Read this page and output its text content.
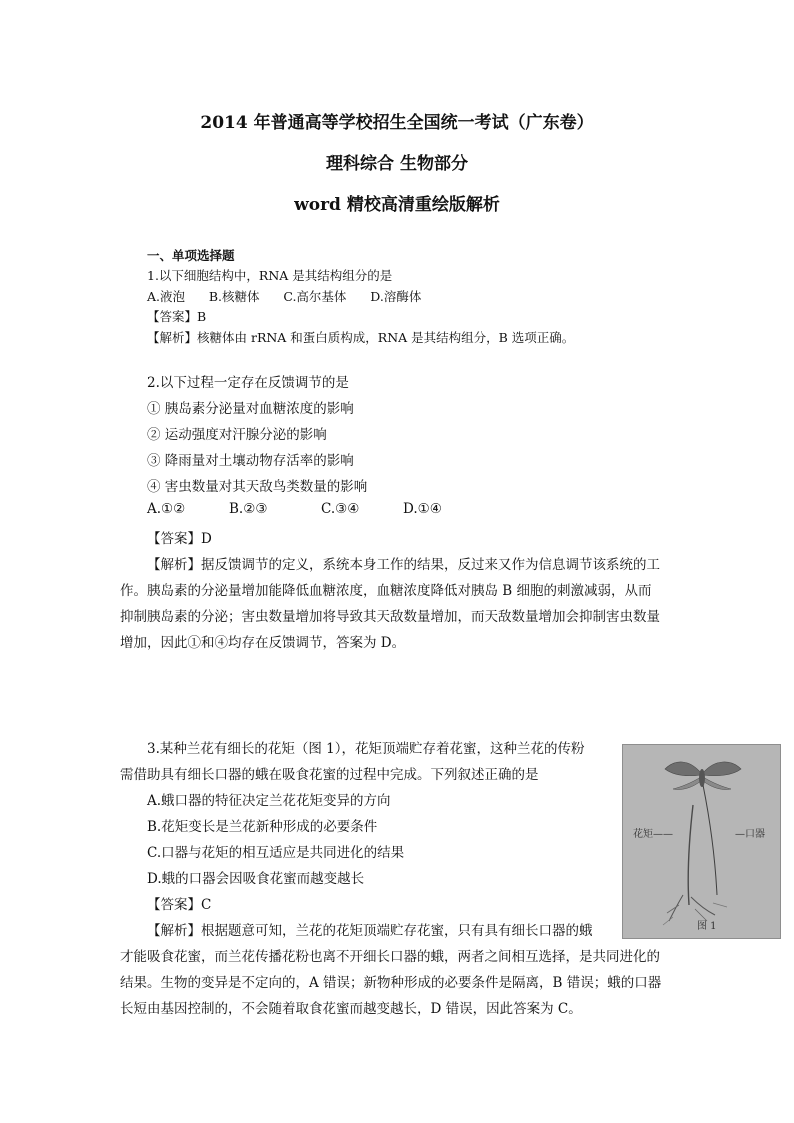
2014 年普通高等学校招生全国统一考试（广东卷）
理科综合 生物部分
word 精校高清重绘版解析
一、单项选择题
1.以下细胞结构中，RNA 是其结构组分的是
A.液泡      B.核糖体      C.高尔基体      D.溶酶体
【答案】B
【解析】核糖体由 rRNA 和蛋白质构成，RNA 是其结构组分，B 选项正确。
2.以下过程一定存在反馈调节的是
① 胰岛素分泌量对血糖浓度的影响
② 运动强度对汗腺分泌的影响
③ 降雨量对土壤动物存活率的影响
④ 害虫数量对其天敌鸟类数量的影响
A.①②	B.②③	C.③④	D.①④
【答案】D
【解析】据反馈调节的定义，系统本身工作的结果，反过来又作为信息调节该系统的工
作。胰岛素的分泌量增加能降低血糖浓度，血糖浓度降低对胰岛 B 细胞的刺激减弱，从而
抑制胰岛素的分泌；害虫数量增加将导致其天敌数量增加，而天敌数量增加会抑制害虫数量
增加，因此①和④均存在反馈调节，答案为 D。
3.某种兰花有细长的花矩（图 1），花矩顶端贮存着花蜜，这种兰花的传粉
需借助具有细长口器的蛾在吸食花蜜的过程中完成。下列叙述正确的是
A.蛾口器的特征决定兰花花矩变异的方向
B.花矩变长是兰花新种形成的必要条件
C.口器与花矩的相互适应是共同进化的结果
D.蛾的口器会因吸食花蜜而越变越长
【答案】C
【解析】根据题意可知，兰花的花矩顶端贮存花蜜，只有具有细长口器的蛾
才能吸食花蜜，而兰花传播花粉也离不开细长口器的蛾，两者之间相互选择，是共同进化的
结果。生物的变异是不定向的，A 错误；新物种形成的必要条件是隔离，B 错误；蛾的口器
长短由基因控制的，不会随着取食花蜜而越变越长，D 错误，因此答案为 C。
花矩——	—口器
图 1
